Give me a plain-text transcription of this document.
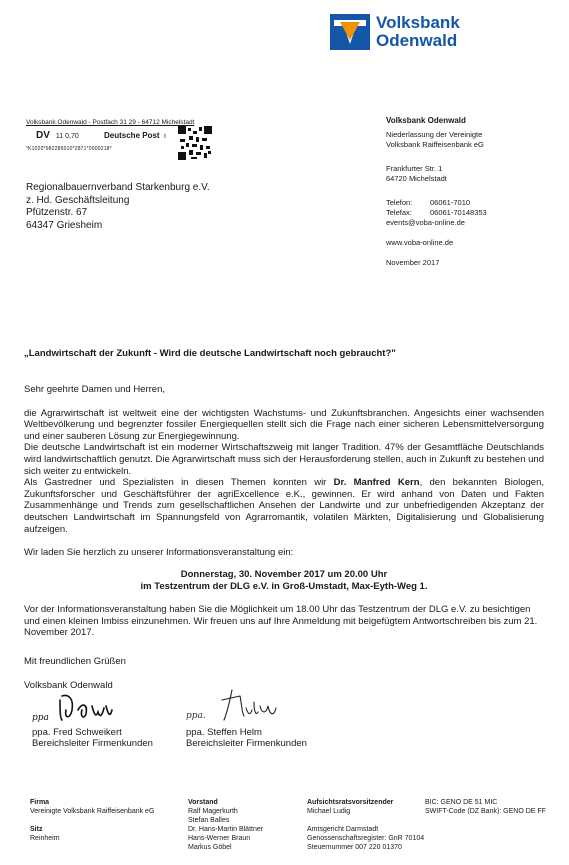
Volksbank
Odenwald
Volksbank Odenwald - Postfach 31 29 - 64712 Michelstadt
DV 11 0,70	Deutsche Post ♁
*K1020*982285010*2871*0000218*
Regionalbauernverband Starkenburg e.V.
z. Hd. Geschäftsleitung
Pfützenstr. 67
64347 Griesheim
Volksbank Odenwald
Niederlassung der Vereinigte
Volksbank Raiffeisenbank eG
Frankfurter Str. 1
64720 Michelstadt
Telefon:	06061-7010
Telefax:	06061-70148353
events@voba-online.de
www.voba-online.de
November 2017
„Landwirtschaft der Zukunft - Wird die deutsche Landwirtschaft noch gebraucht?"

Sehr geehrte Damen und Herren,

die Agrarwirtschaft ist weltweit eine der wichtigsten Wachstums- und Zukunftsbranchen. Angesichts einer wachsenden Weltbevölkerung und begrenzter fossiler Energiequellen stellt sich die Frage nach einer sicheren Lebensmittelversorgung und einer sauberen Lösung zur Energiegewinnung.

Die deutsche Landwirtschaft ist ein moderner Wirtschaftszweig mit langer Tradition. 47% der Gesamtfläche Deutschlands wird landwirtschaftlich genutzt. Die Agrarwirtschaft muss sich der Herausforderung stellen, auch in Zukunft zu bestehen und sich weiter zu entwickeln.

Als Gastredner und Spezialisten in diesen Themen konnten wir Dr. Manfred Kern, den bekannten Biologen, Zukunftsforscher und Geschäftsführer der agriExcellence e.K., gewinnen. Er wird anhand von Daten und Fakten Zusammenhänge und Trends zum gesellschaftlichen Ansehen der Landwirte und zur unbefriedigenden Akzeptanz der deutschen Landwirtschaft im Spannungsfeld von Agrarromantik, volatilen Märkten, Digitalisierung und Globalisierung aufzeigen.

Wir laden Sie herzlich zu unserer Informationsveranstaltung ein:

Donnerstag, 30. November 2017 um 20.00 Uhr
im Testzentrum der DLG e.V. in Groß-Umstadt, Max-Eyth-Weg 1.
Vor der Informationsveranstaltung haben Sie die Möglichkeit um 18.00 Uhr das Testzentrum der DLG e.V. zu besichtigen und einen kleinen Imbiss einzunehmen. Wir freuen uns auf Ihre Anmeldung mit beigefügtem Antwortschreiben bis zum 21. November 2017.
Mit freundlichen Grüßen
Volksbank Odenwald
ppa	ppa.
ppa. Fred Schweikert
Bereichsleiter Firmenkunden
ppa. Steffen Helm
Bereichsleiter Firmenkunden
Firma
Vereinigte Volksbank Raiffeisenbank eG
Sitz
Reinheim
Vorstand
Ralf Magerkurth
Stefan Balles
Dr. Hans-Martin Blättner
Hans-Werner Braun
Markus Göbel
Aufsichtsratsvorsitzender
Michael Ludig
Amtsgericht Darmstadt
Genossenschaftsregister: GnR 70104
Steuernummer 007 220 01370
BIC: GENO DE 51 MIC
SWIFT-Code (DZ Bank): GENO DE FF
